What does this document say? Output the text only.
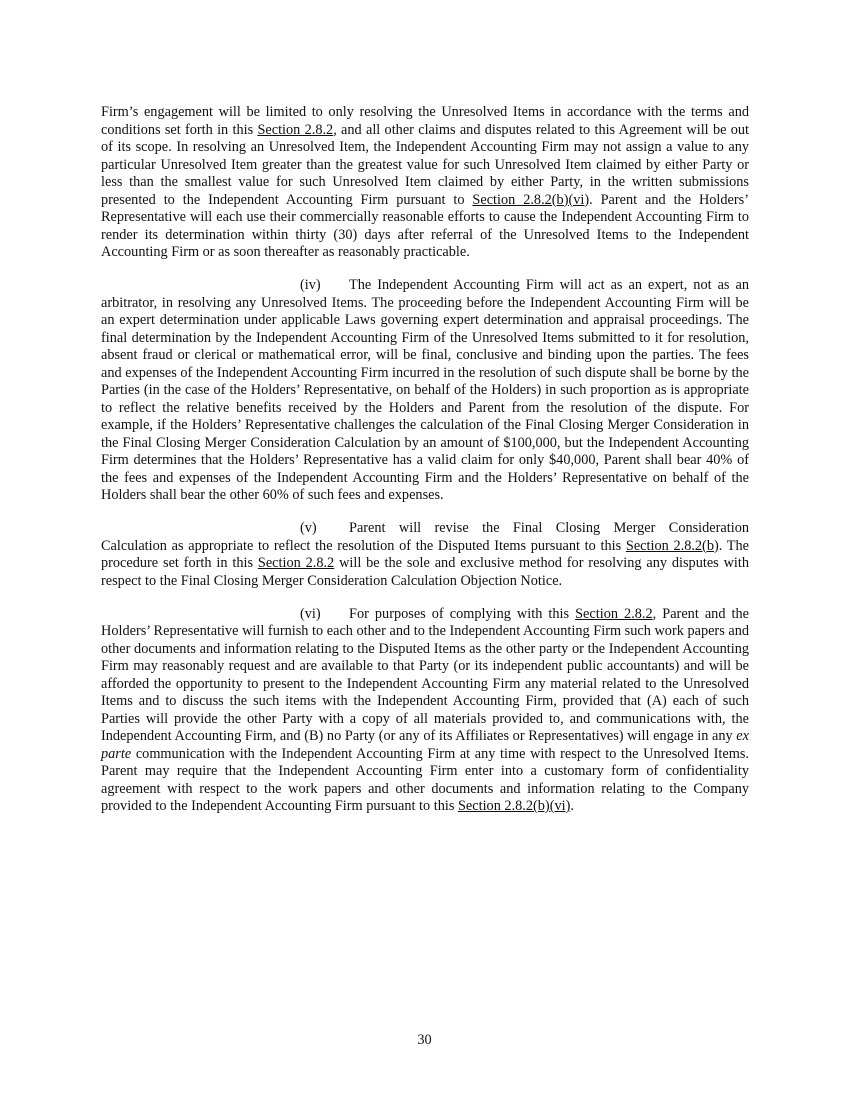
Firm’s engagement will be limited to only resolving the Unresolved Items in accordance with the terms and conditions set forth in this Section 2.8.2, and all other claims and disputes related to this Agreement will be out of its scope. In resolving an Unresolved Item, the Independent Accounting Firm may not assign a value to any particular Unresolved Item greater than the greatest value for such Unresolved Item claimed by either Party or less than the smallest value for such Unresolved Item claimed by either Party, in the written submissions presented to the Independent Accounting Firm pursuant to Section 2.8.2(b)(vi). Parent and the Holders’ Representative will each use their commercially reasonable efforts to cause the Independent Accounting Firm to render its determination within thirty (30) days after referral of the Unresolved Items to the Independent Accounting Firm or as soon thereafter as reasonably practicable.

(iv) The Independent Accounting Firm will act as an expert, not as an arbitrator, in resolving any Unresolved Items. The proceeding before the Independent Accounting Firm will be an expert determination under applicable Laws governing expert determination and appraisal proceedings. The final determination by the Independent Accounting Firm of the Unresolved Items submitted to it for resolution, absent fraud or clerical or mathematical error, will be final, conclusive and binding upon the parties. The fees and expenses of the Independent Accounting Firm incurred in the resolution of such dispute shall be borne by the Parties (in the case of the Holders’ Representative, on behalf of the Holders) in such proportion as is appropriate to reflect the relative benefits received by the Holders and Parent from the resolution of the dispute. For example, if the Holders’ Representative challenges the calculation of the Final Closing Merger Consideration in the Final Closing Merger Consideration Calculation by an amount of $100,000, but the Independent Accounting Firm determines that the Holders’ Representative has a valid claim for only $40,000, Parent shall bear 40% of the fees and expenses of the Independent Accounting Firm and the Holders’ Representative on behalf of the Holders shall bear the other 60% of such fees and expenses.

(v) Parent will revise the Final Closing Merger Consideration Calculation as appropriate to reflect the resolution of the Disputed Items pursuant to this Section 2.8.2(b). The procedure set forth in this Section 2.8.2 will be the sole and exclusive method for resolving any disputes with respect to the Final Closing Merger Consideration Calculation Objection Notice.

(vi) For purposes of complying with this Section 2.8.2, Parent and the Holders’ Representative will furnish to each other and to the Independent Accounting Firm such work papers and other documents and information relating to the Disputed Items as the other party or the Independent Accounting Firm may reasonably request and are available to that Party (or its independent public accountants) and will be afforded the opportunity to present to the Independent Accounting Firm any material related to the Unresolved Items and to discuss the such items with the Independent Accounting Firm, provided that (A) each of such Parties will provide the other Party with a copy of all materials provided to, and communications with, the Independent Accounting Firm, and (B) no Party (or any of its Affiliates or Representatives) will engage in any ex parte communication with the Independent Accounting Firm at any time with respect to the Unresolved Items. Parent may require that the Independent Accounting Firm enter into a customary form of confidentiality agreement with respect to the work papers and other documents and information relating to the Company provided to the Independent Accounting Firm pursuant to this Section 2.8.2(b)(vi).

30
